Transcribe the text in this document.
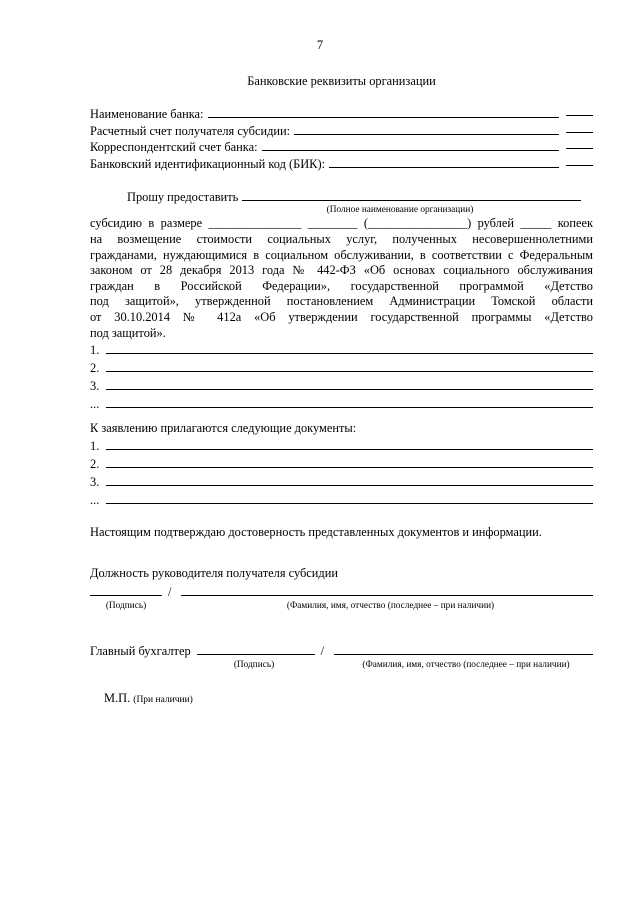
7
Банковские реквизиты организации
Наименование банка:
Расчетный счет получателя субсидии:
Корреспондентский счет банка:
Банковский идентификационный код (БИК):
Прошу предоставить
(Полное наименование организации)
субсидию в размере _______________ ________ (________________) рублей _____ копеек
на возмещение стоимости социальных услуг, полученных несовершеннолетними
гражданами, нуждающимися в социальном обслуживании, в соответствии с Федеральным
законом от 28 декабря 2013 года № 442-ФЗ «Об основах социального обслуживания
граждан в Российской Федерации», государственной программой «Детство
под защитой», утвержденной постановлением Администрации Томской области
от 30.10.2014 № 412а «Об утверждении государственной программы «Детство
под защитой».
1.
2.
3.
...
К заявлению прилагаются следующие документы:
1.
2.
3.
...
Настоящим подтверждаю достоверность представленных документов и информации.
Должность руководителя получателя субсидии
/
(Подпись)	(Фамилия, имя, отчество (последнее – при наличии)
Главный бухгалтер	/
(Подпись)	(Фамилия, имя, отчество (последнее – при наличии)
М.П. (При наличии)
